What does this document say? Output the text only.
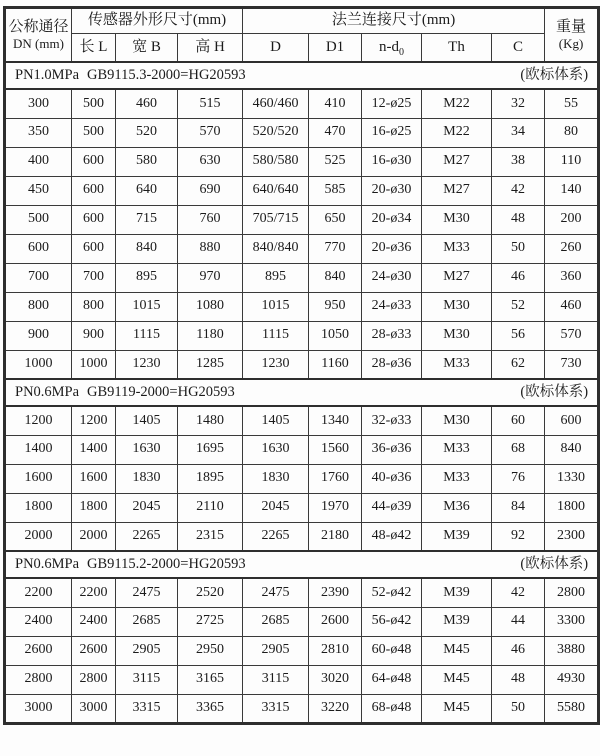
公称通径
DN (mm)	传感器外形尺寸(mm)			法兰连接尺寸(mm)					重量
(Kg)

	长 L	宽 B	高 H	D	D1	$n-d_0$	Th	C	

PN1.0MPa GB9115.3-2000=HG20593 (欧标体系)									

300	500	460	515	460/460	410	12-ø25	M22	32	55
350	500	520	570	520/520	470	16-ø25	M22	34	80
400	600	580	630	580/580	525	16-ø30	M27	38	110
450	600	640	690	640/640	585	20-ø30	M27	42	140
500	600	715	760	705/715	650	20-ø34	M30	48	200
600	600	840	880	840/840	770	20-ø36	M33	50	260
700	700	895	970	895	840	24-ø30	M27	46	360
800	800	1015	1080	1015	950	24-ø33	M30	52	460
900	900	1115	1180	1115	1050	28-ø33	M30	56	570
1000	1000	1230	1285	1230	1160	28-ø36	M33	62	730

PN0.6MPa GB9119-2000=HG20593 (欧标体系)									

1200	1200	1405	1480	1405	1340	32-ø33	M30	60	600
1400	1400	1630	1695	1630	1560	36-ø36	M33	68	840
1600	1600	1830	1895	1830	1760	40-ø36	M33	76	1330
1800	1800	2045	2110	2045	1970	44-ø39	M36	84	1800
2000	2000	2265	2315	2265	2180	48-ø42	M39	92	2300

PN0.6MPa GB9115.2-2000=HG20593 (欧标体系)									

2200	2200	2475	2520	2475	2390	52-ø42	M39	42	2800
2400	2400	2685	2725	2685	2600	56-ø42	M39	44	3300
2600	2600	2905	2950	2905	2810	60-ø48	M45	46	3880
2800	2800	3115	3165	3115	3020	64-ø48	M45	48	4930
3000	3000	3315	3365	3315	3220	68-ø48	M45	50	5580
